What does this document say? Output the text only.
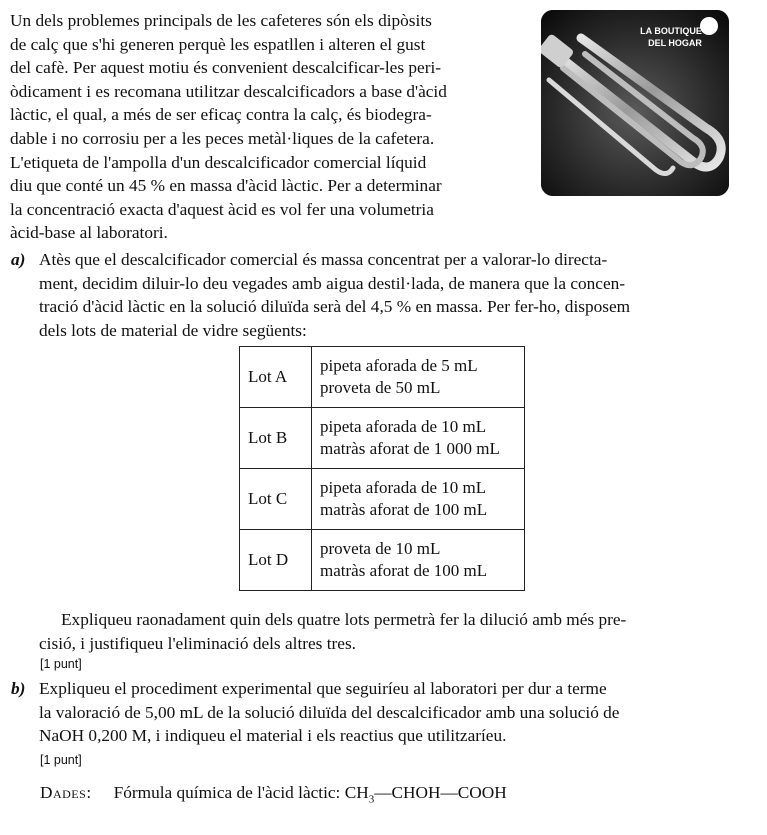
Un dels problemes principals de les cafeteres són els dipòsits
de calç que s'hi generen perquè les espatllen i alteren el gust
del cafè. Per aquest motiu és convenient descalcificar-les peri-
òdicament i es recomana utilitzar descalcificadors a base d'àcid
làctic, el qual, a més de ser eficaç contra la calç, és biodegra-
dable i no corrosiu per a les peces metàl·liques de la cafetera.
L'etiqueta de l'ampolla d'un descalcificador comercial líquid
diu que conté un 45 % en massa d'àcid làctic. Per a determinar
la concentració exacta d'aquest àcid es vol fer una volumetria
àcid-base al laboratori.
LA BOUTIQUE
DEL HOGAR
a) Atès que el descalcificador comercial és massa concentrat per a valorar-lo directa-
ment, decidim diluir-lo deu vegades amb aigua destil·lada, de manera que la concen-
tració d'àcid làctic en la solució diluïda serà del 4,5 % en massa. Per fer-ho, disposem
dels lots de material de vidre següents:
Lot A	pipeta aforada de 5 mL
proveta de 50 mL

Lot B	pipeta aforada de 10 mL
matràs aforat de 1 000 mL

Lot C	pipeta aforada de 10 mL
matràs aforat de 100 mL

Lot D	proveta de 10 mL
matràs aforat de 100 mL
Expliqueu raonadament quin dels quatre lots permetrà fer la dilució amb més pre-
cisió, i justifiqueu l'eliminació dels altres tres.
[1 punt]
b) Expliqueu el procediment experimental que seguiríeu al laboratori per dur a terme
la valoració de 5,00 mL de la solució diluïda del descalcificador amb una solució de
NaOH 0,200 M, i indiqueu el material i els reactius que utilitzaríeu.
[1 punt]
Dades: Fórmula química de l'àcid làctic: $CH_3—CHOH—COOH$
